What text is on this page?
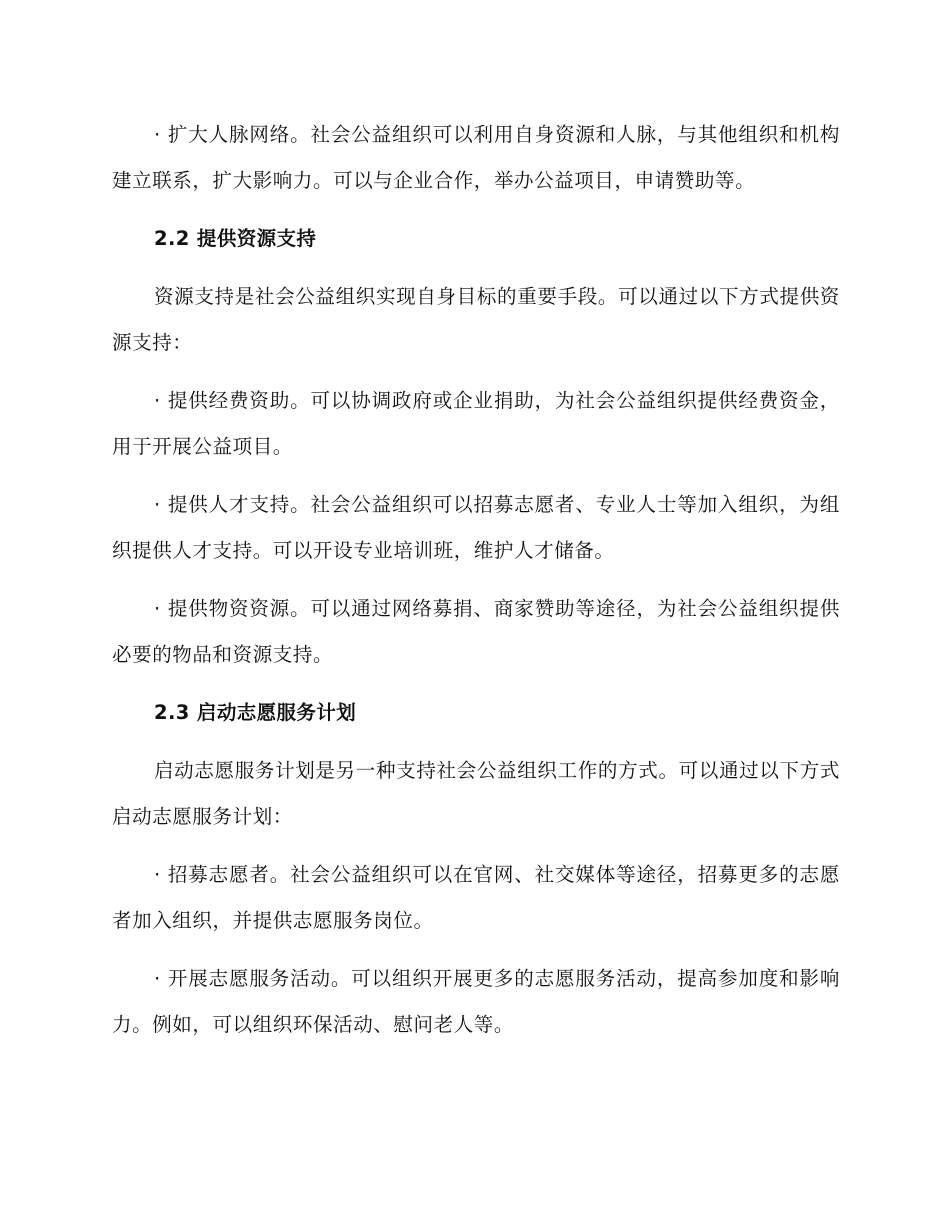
· 扩大人脉网络。社会公益组织可以利用自身资源和人脉，与其他组织和机构建立联系，扩大影响力。可以与企业合作，举办公益项目，申请赞助等。

2.2 提供资源支持

资源支持是社会公益组织实现自身目标的重要手段。可以通过以下方式提供资源支持：

· 提供经费资助。可以协调政府或企业捐助，为社会公益组织提供经费资金，用于开展公益项目。

· 提供人才支持。社会公益组织可以招募志愿者、专业人士等加入组织，为组织提供人才支持。可以开设专业培训班，维护人才储备。

· 提供物资资源。可以通过网络募捐、商家赞助等途径，为社会公益组织提供必要的物品和资源支持。

2.3 启动志愿服务计划

启动志愿服务计划是另一种支持社会公益组织工作的方式。可以通过以下方式启动志愿服务计划：

· 招募志愿者。社会公益组织可以在官网、社交媒体等途径，招募更多的志愿者加入组织，并提供志愿服务岗位。

· 开展志愿服务活动。可以组织开展更多的志愿服务活动，提高参加度和影响力。例如，可以组织环保活动、慰问老人等。
